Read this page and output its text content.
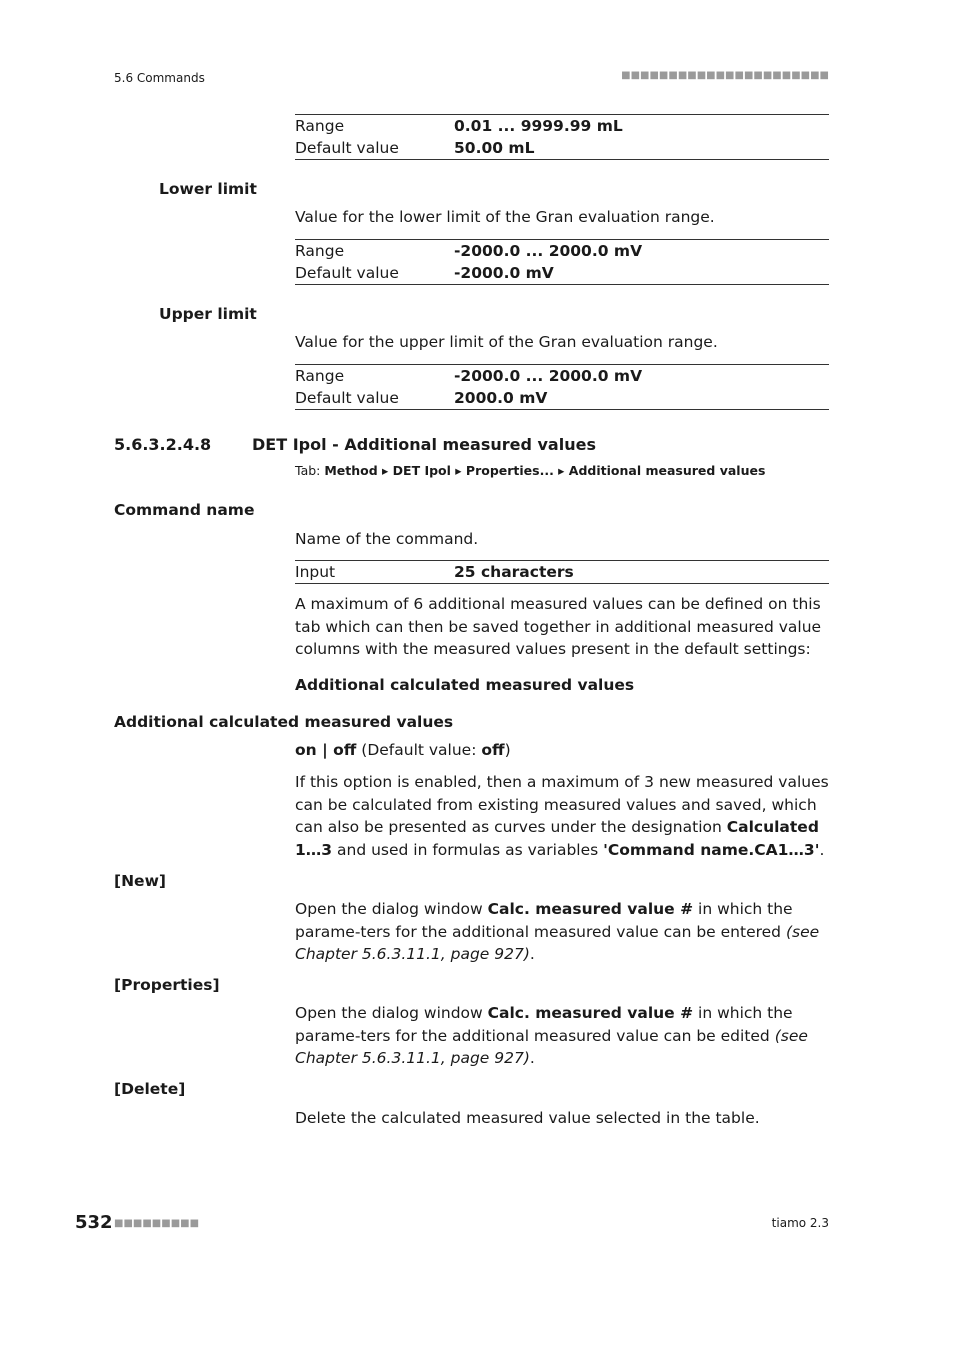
5.6 Commands	■■■■■■■■■■■■■■■■■■■■■■
Range	0.01 ... 9999.99 mL
Default value	50.00 mL
Lower limit
Value for the lower limit of the Gran evaluation range.
Range	-2000.0 ... 2000.0 mV
Default value	-2000.0 mV
Upper limit
Value for the upper limit of the Gran evaluation range.
Range	-2000.0 ... 2000.0 mV
Default value	2000.0 mV
5.6.3.2.4.8	DET Ipol - Additional measured values
Tab: Method ▸ DET Ipol ▸ Properties... ▸ Additional measured values
Command name
Name of the command.
Input	25 characters
A maximum of 6 additional measured values can be defined on this tab which can then be saved together in additional measured value columns with the measured values present in the default settings:
Additional calculated measured values
Additional calculated measured values
on | off (Default value: off)
If this option is enabled, then a maximum of 3 new measured values can be calculated from existing measured values and saved, which can also be presented as curves under the designation Calculated 1…3 and used in formulas as variables 'Command name.CA1…3'.
[New]
Open the dialog window Calc. measured value # in which the parame-ters for the additional measured value can be entered (see Chapter 5.6.3.11.1, page 927).
[Properties]
Open the dialog window Calc. measured value # in which the parame-ters for the additional measured value can be edited (see Chapter 5.6.3.11.1, page 927).
[Delete]
Delete the calculated measured value selected in the table.
532 ■■■■■■■■■	tiamo 2.3
